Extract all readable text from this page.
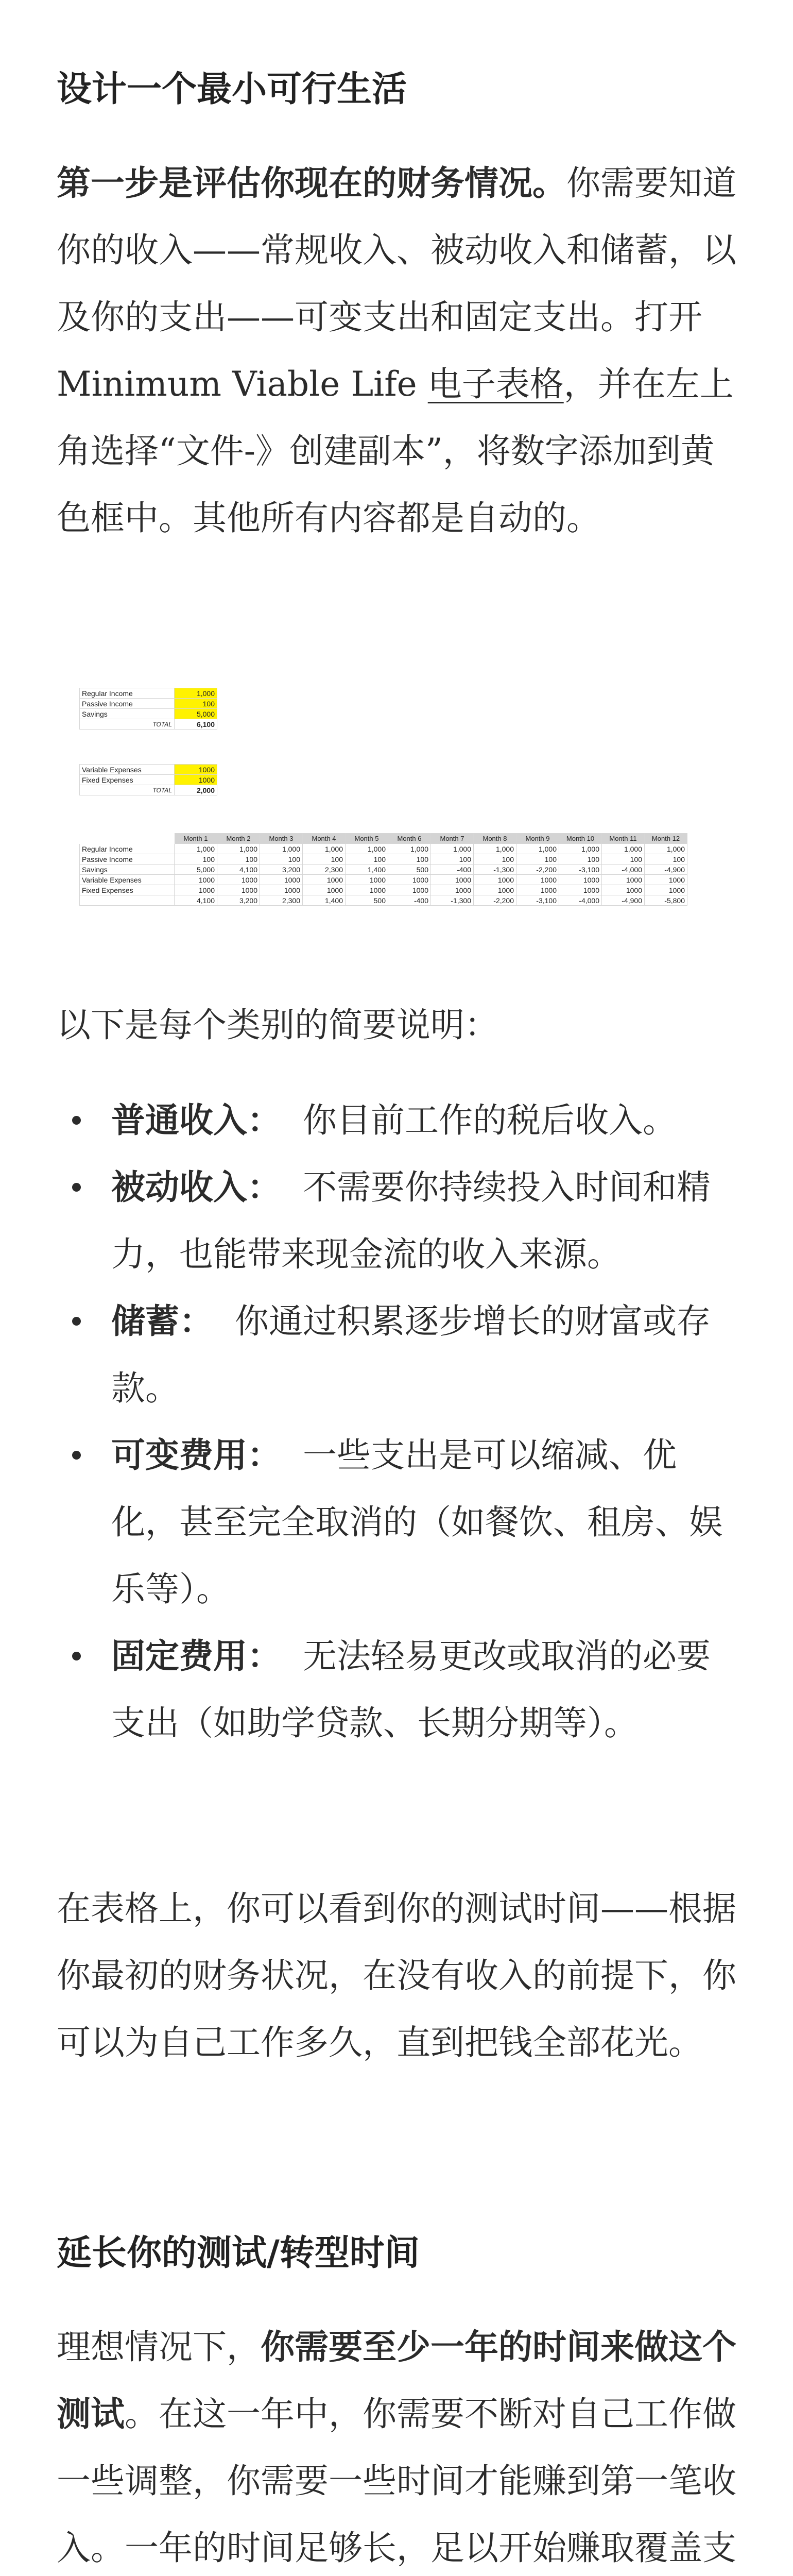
设计一个最小可行生活

第一步是评估你现在的财务情况。你需要知道你的收入——常规收入、被动收入和储蓄，以及你的支出——可变支出和固定支出。打开 Minimum Viable Life 电子表格，并在左上角选择“文件-》创建副本”，将数字添加到黄色框中。其他所有内容都是自动的。

Regular Income	1,000
Passive Income	100
Savings	5,000
TOTAL	6,100
Variable Expenses	1000
Fixed Expenses	1000
TOTAL	2,000
	Month 1	Month 2	Month 3	Month 4	Month 5	Month 6	Month 7	Month 8	Month 9	Month 10	Month 11	Month 12
Regular Income	1,000	1,000	1,000	1,000	1,000	1,000	1,000	1,000	1,000	1,000	1,000	1,000
Passive Income	100	100	100	100	100	100	100	100	100	100	100	100
Savings	5,000	4,100	3,200	2,300	1,400	500	-400	-1,300	-2,200	-3,100	-4,000	-4,900
Variable Expenses	1000	1000	1000	1000	1000	1000	1000	1000	1000	1000	1000	1000
Fixed Expenses	1000	1000	1000	1000	1000	1000	1000	1000	1000	1000	1000	1000
	4,100	3,200	2,300	1,400	500	-400	-1,300	-2,200	-3,100	-4,000	-4,900	-5,800

以下是每个类别的简要说明：

普通收入： 你目前工作的税后收入。
被动收入： 不需要你持续投入时间和精力，也能带来现金流的收入来源。
储蓄： 你通过积累逐步增长的财富或存款。
可变费用： 一些支出是可以缩减、优化，甚至完全取消的（如餐饮、租房、娱乐等）。
固定费用： 无法轻易更改或取消的必要支出（如助学贷款、长期分期等）。

在表格上，你可以看到你的测试时间——根据你最初的财务状况，在没有收入的前提下，你可以为自己工作多久，直到把钱全部花光。

延长你的测试/转型时间

理想情况下，你需要至少一年的时间来做这个测试。在这一年中，你需要不断对自己工作做一些调整，你需要一些时间才能赚到第一笔收入。一年的时间足够长，足以开始赚取覆盖支
